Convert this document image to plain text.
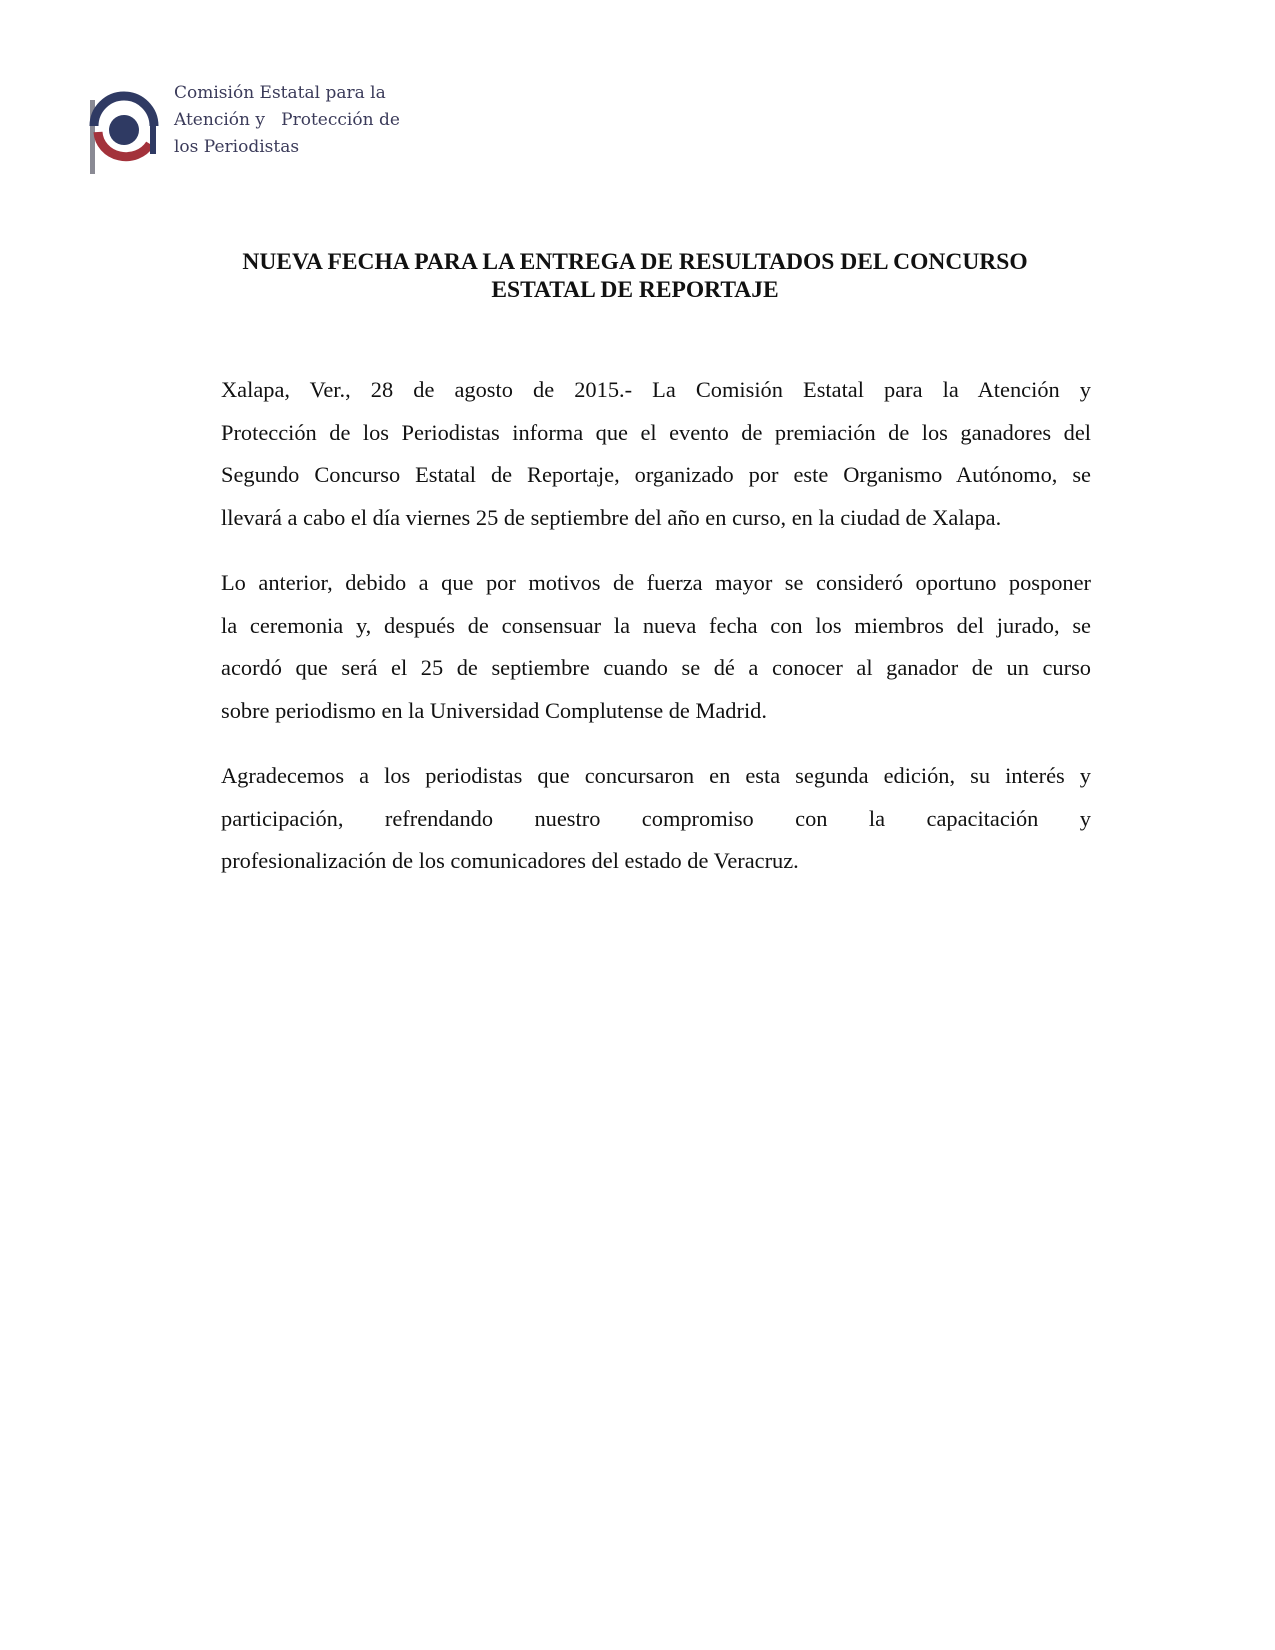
Comisión Estatal para la
Atención y   Protección de
los Periodistas
NUEVA FECHA PARA LA ENTREGA DE RESULTADOS DEL CONCURSO
ESTATAL DE REPORTAJE

Xalapa, Ver., 28 de agosto de 2015.- La Comisión Estatal para la Atención y
Protección de los Periodistas informa que el evento de premiación de los ganadores del
Segundo Concurso Estatal de Reportaje, organizado por este Organismo Autónomo, se
llevará a cabo el día viernes 25 de septiembre del año en curso, en la ciudad de Xalapa.

Lo anterior, debido a que por motivos de fuerza mayor se consideró oportuno posponer
la ceremonia y, después de consensuar la nueva fecha con los miembros del jurado, se
acordó que será el 25 de septiembre cuando se dé a conocer al ganador de un curso
sobre periodismo en la Universidad Complutense de Madrid.

Agradecemos a los periodistas que concursaron en esta segunda edición, su interés y
participación, refrendando nuestro compromiso con la capacitación y
profesionalización de los comunicadores del estado de Veracruz.
